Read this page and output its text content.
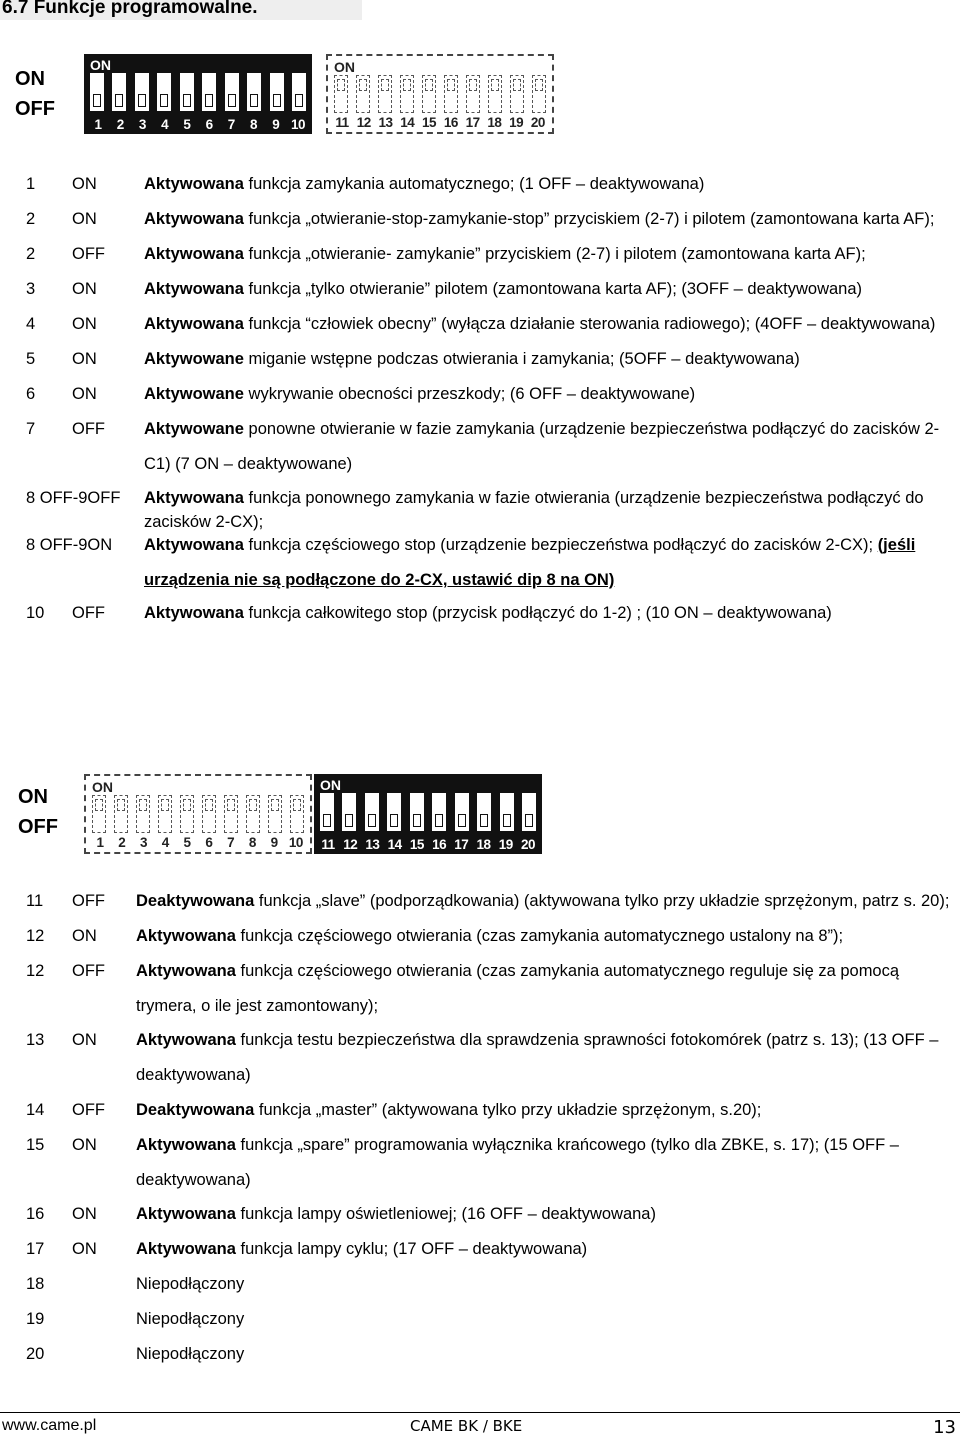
6.7 Funkcje programowalne.
ON
OFF
ON
1	2	3	4	5	6	7	8	9 10
ON
11 12 13 14 15 16 17 18 19 20
1 ON	Aktywowana funkcja zamykania automatycznego; (1 OFF – deaktywowana)
2 ON	Aktywowana funkcja „otwieranie-stop-zamykanie-stop” przyciskiem (2-7) i pilotem (zamontowana karta AF);
2 OFF Aktywowana funkcja „otwieranie- zamykanie” przyciskiem (2-7) i pilotem (zamontowana karta AF);
3 ON	Aktywowana funkcja „tylko otwieranie” pilotem (zamontowana karta AF); (3OFF – deaktywowana)
4 ON	Aktywowana funkcja “człowiek obecny” (wyłącza działanie sterowania radiowego); (4OFF – deaktywowana)
5 ON	Aktywowane miganie wstępne podczas otwierania i zamykania; (5OFF – deaktywowana)
6 ON	Aktywowane wykrywanie obecności przeszkody; (6 OFF – deaktywowane)
7 OFF Aktywowane ponowne otwieranie w fazie zamykania (urządzenie bezpieczeństwa podłączyć do zacisków 2-
C1) (7 ON – deaktywowane)
8 OFF-9OFF Aktywowana funkcja ponownego zamykania w fazie otwierania (urządzenie bezpieczeństwa podłączyć do
zacisków 2-CX);
8 OFF-9ON Aktywowana funkcja częściowego stop (urządzenie bezpieczeństwa podłączyć do zacisków 2-CX); (jeśli
urządzenia nie są podłączone do 2-CX, ustawić dip 8 na ON)
10 OFF Aktywowana funkcja całkowitego stop (przycisk podłączyć do 1-2) ; (10 ON – deaktywowana)
ON
OFF
ON
1	2	3	4	5	6	7	8	9 10
ON
11 12 13 14 15 16 17 18 19 20
11 OFF Deaktywowana funkcja „slave” (podporządkowania) (aktywowana tylko przy układzie sprzężonym, patrz s. 20);
12 ON Aktywowana funkcja częściowego otwierania (czas zamykania automatycznego ustalony na 8”);
12 OFF Aktywowana funkcja częściowego otwierania (czas zamykania automatycznego reguluje się za pomocą
trymera, o ile jest zamontowany);
13 ON Aktywowana funkcja testu bezpieczeństwa dla sprawdzenia sprawności fotokomórek (patrz s. 13); (13 OFF –
deaktywowana)
14 OFF Deaktywowana funkcja „master” (aktywowana tylko przy układzie sprzężonym, s.20);
15 ON Aktywowana funkcja „spare” programowania wyłącznika krańcowego (tylko dla ZBKE, s. 17); (15 OFF –
deaktywowana)
16 ON Aktywowana funkcja lampy oświetleniowej; (16 OFF – deaktywowana)
17 ON Aktywowana funkcja lampy cyklu; (17 OFF – deaktywowana)
18	Niepodłączony
19	Niepodłączony
20	Niepodłączony
www.came.pl	CAME BK / BKE	13
